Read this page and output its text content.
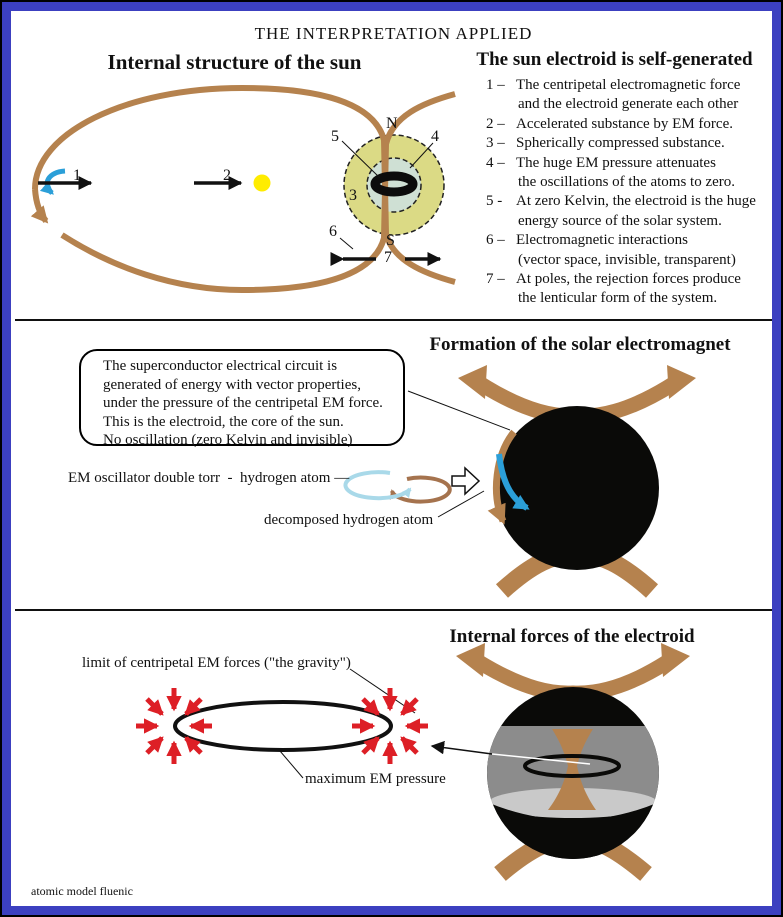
THE INTERPRETATION APPLIED
Internal structure of the sun	The sun electroid is self-generated
1 – The centripetal electromagnetic force
and the electroid generate each other
2 – Accelerated substance by EM force.
3 – Spherically compressed substance.
4 – The huge EM pressure attenuates
the oscillations of the atoms to zero.
5 - At zero Kelvin, the electroid is the huge
energy source of the solar system.
6 – Electromagnetic interactions
(vector space, invisible, transparent)
7 – At poles, the rejection forces produce
the lenticular form of the system.
1	2
N
S
5	4
3
6
7
Formation of the solar electromagnet
The superconductor electrical circuit is
generated of energy with vector properties,
under the pressure of the centripetal EM force.
This is the electroid, the core of the sun.
No oscillation (zero Kelvin and invisible)
EM oscillator double torr  -  hydrogen atom —
decomposed hydrogen atom
Internal forces of the electroid
limit of centripetal EM forces ("the gravity")
maximum EM pressure
atomic model fluenic
